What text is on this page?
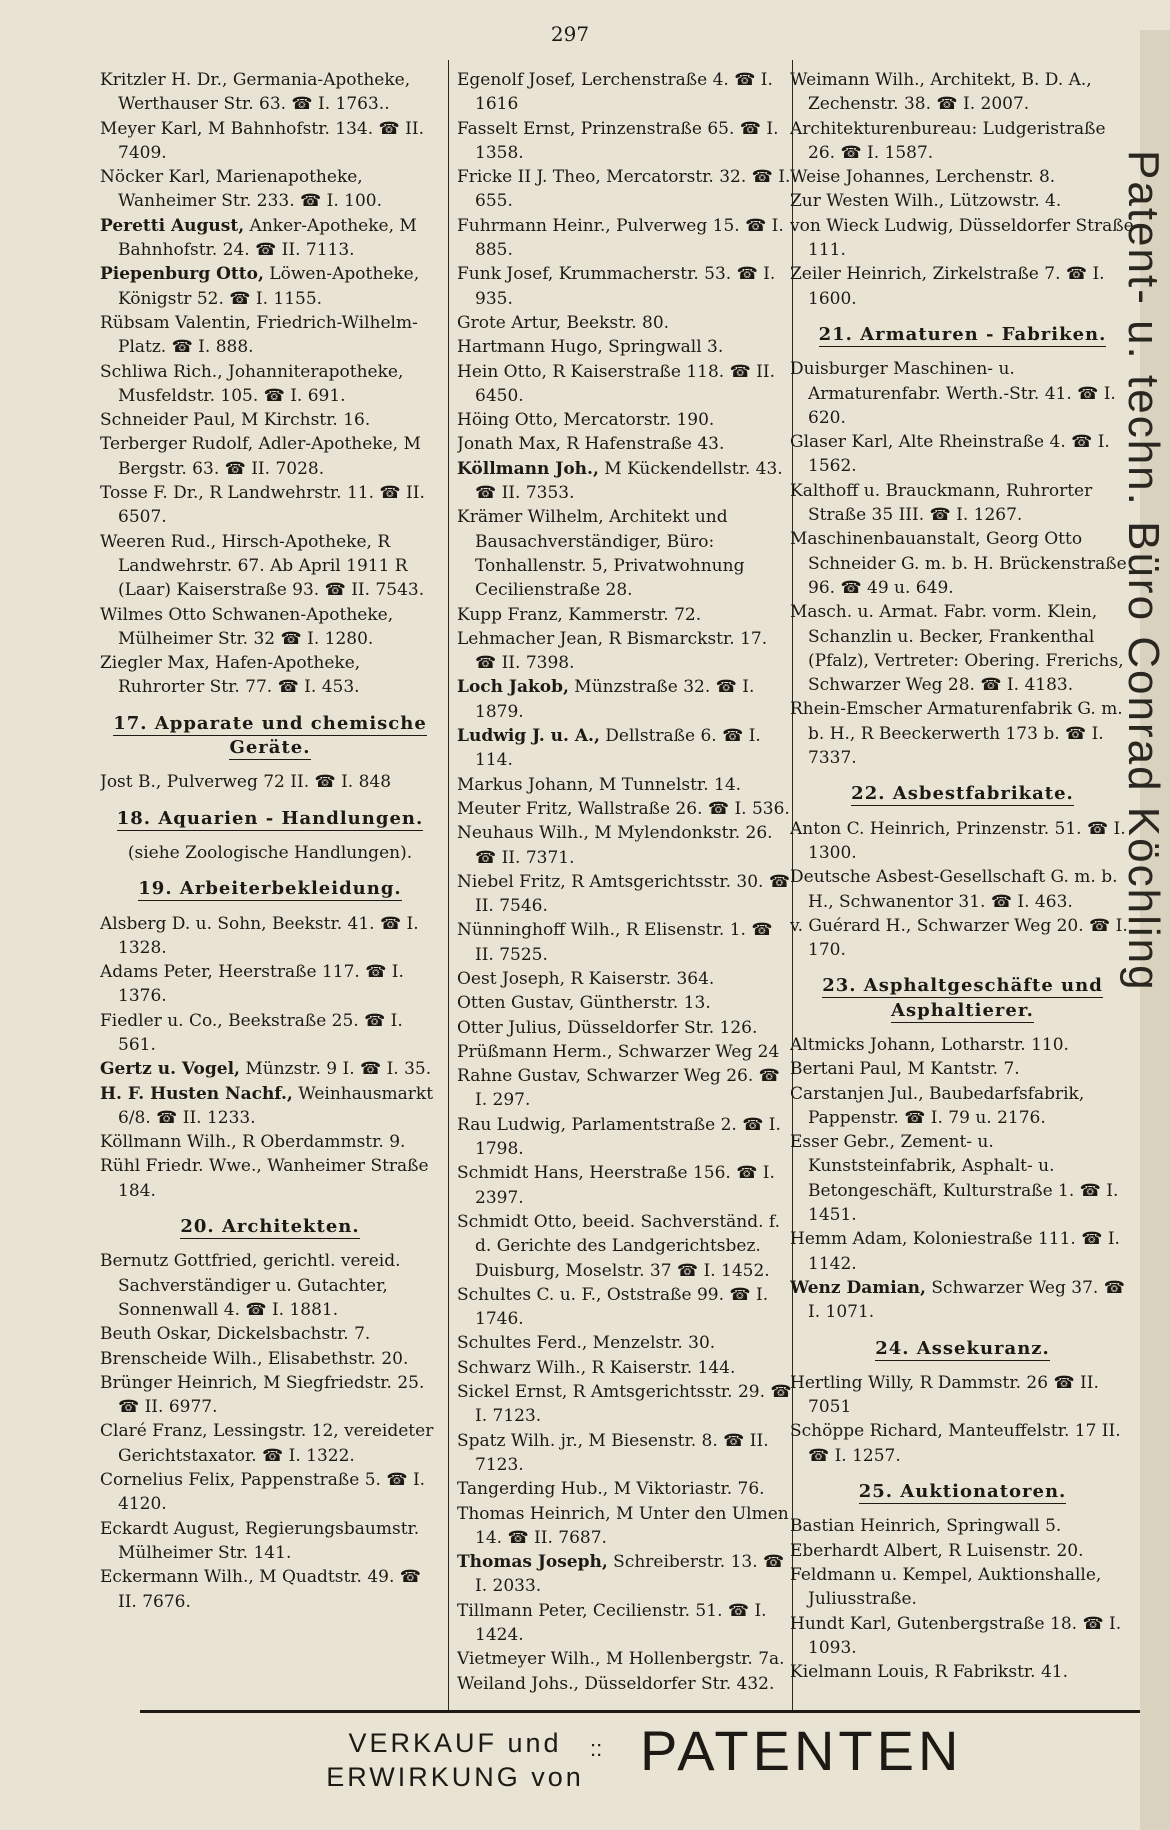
297
Patent- u. techn. Büro Conrad Köchling
Kritzler H. Dr., Germania-Apotheke, Werthauser Str. 63. ☎ I. 1763..
Meyer Karl, M Bahnhofstr. 134. ☎ II. 7409.
Nöcker Karl, Marienapotheke, Wanheimer Str. 233. ☎ I. 100.
Peretti August, Anker-Apotheke, M Bahnhofstr. 24. ☎ II. 7113.
Piepenburg Otto, Löwen-Apotheke, Königstr 52. ☎ I. 1155.
Rübsam Valentin, Friedrich-Wilhelm-Platz. ☎ I. 888.
Schliwa Rich., Johanniterapotheke, Musfeldstr. 105. ☎ I. 691.
Schneider Paul, M Kirchstr. 16.
Terberger Rudolf, Adler-Apotheke, M Bergstr. 63. ☎ II. 7028.
Tosse F. Dr., R Landwehrstr. 11. ☎ II. 6507.
Weeren Rud., Hirsch-Apotheke, R Landwehrstr. 67. Ab April 1911 R (Laar) Kaiserstraße 93. ☎ II. 7543.
Wilmes Otto Schwanen-Apotheke, Mülheimer Str. 32 ☎ I. 1280.
Ziegler Max, Hafen-Apotheke, Ruhrorter Str. 77. ☎ I. 453.
17. Apparate und chemische Geräte.
Jost B., Pulverweg 72 II. ☎ I. 848
18. Aquarien - Handlungen.
(siehe Zoologische Handlungen).
19. Arbeiterbekleidung.
Alsberg D. u. Sohn, Beekstr. 41. ☎ I. 1328.
Adams Peter, Heerstraße 117. ☎ I. 1376.
Fiedler u. Co., Beekstraße 25. ☎ I. 561.
Gertz u. Vogel, Münzstr. 9 I. ☎ I. 35.
H. F. Husten Nachf., Weinhausmarkt 6/8. ☎ II. 1233.
Köllmann Wilh., R Oberdammstr. 9.
Rühl Friedr. Wwe., Wanheimer Straße 184.
20. Architekten.
Bernutz Gottfried, gerichtl. vereid. Sachverständiger u. Gutachter, Sonnenwall 4. ☎ I. 1881.
Beuth Oskar, Dickelsbachstr. 7.
Brenscheide Wilh., Elisabethstr. 20.
Brünger Heinrich, M Siegfriedstr. 25. ☎ II. 6977.
Claré Franz, Lessingstr. 12, vereideter Gerichtstaxator. ☎ I. 1322.
Cornelius Felix, Pappenstraße 5. ☎ I. 4120.
Eckardt August, Regierungsbaumstr. Mülheimer Str. 141.
Eckermann Wilh., M Quadtstr. 49. ☎ II. 7676.
Egenolf Josef, Lerchenstraße 4. ☎ I. 1616
Fasselt Ernst, Prinzenstraße 65. ☎ I. 1358.
Fricke II J. Theo, Mercatorstr. 32. ☎ I. 655.
Fuhrmann Heinr., Pulverweg 15. ☎ I. 885.
Funk Josef, Krummacherstr. 53. ☎ I. 935.
Grote Artur, Beekstr. 80.
Hartmann Hugo, Springwall 3.
Hein Otto, R Kaiserstraße 118. ☎ II. 6450.
Höing Otto, Mercatorstr. 190.
Jonath Max, R Hafenstraße 43.
Köllmann Joh., M Kückendellstr. 43. ☎ II. 7353.
Krämer Wilhelm, Architekt und Bausachverständiger, Büro: Tonhallenstr. 5, Privatwohnung Cecilienstraße 28.
Kupp Franz, Kammerstr. 72.
Lehmacher Jean, R Bismarckstr. 17. ☎ II. 7398.
Loch Jakob, Münzstraße 32. ☎ I. 1879.
Ludwig J. u. A., Dellstraße 6. ☎ I. 114.
Markus Johann, M Tunnelstr. 14.
Meuter Fritz, Wallstraße 26. ☎ I. 536.
Neuhaus Wilh., M Mylendonkstr. 26. ☎ II. 7371.
Niebel Fritz, R Amtsgerichtsstr. 30. ☎ II. 7546.
Nünninghoff Wilh., R Elisenstr. 1. ☎ II. 7525.
Oest Joseph, R Kaiserstr. 364.
Otten Gustav, Güntherstr. 13.
Otter Julius, Düsseldorfer Str. 126.
Prüßmann Herm., Schwarzer Weg 24
Rahne Gustav, Schwarzer Weg 26. ☎ I. 297.
Rau Ludwig, Parlamentstraße 2. ☎ I. 1798.
Schmidt Hans, Heerstraße 156. ☎ I. 2397.
Schmidt Otto, beeid. Sachverständ. f. d. Gerichte des Landgerichtsbez. Duisburg, Moselstr. 37 ☎ I. 1452.
Schultes C. u. F., Oststraße 99. ☎ I. 1746.
Schultes Ferd., Menzelstr. 30.
Schwarz Wilh., R Kaiserstr. 144.
Sickel Ernst, R Amtsgerichtsstr. 29. ☎ I. 7123.
Spatz Wilh. jr., M Biesenstr. 8. ☎ II. 7123.
Tangerding Hub., M Viktoriastr. 76.
Thomas Heinrich, M Unter den Ulmen 14. ☎ II. 7687.
Thomas Joseph, Schreiberstr. 13. ☎ I. 2033.
Tillmann Peter, Cecilienstr. 51. ☎ I. 1424.
Vietmeyer Wilh., M Hollenbergstr. 7a.
Weiland Johs., Düsseldorfer Str. 432.
Weimann Wilh., Architekt, B. D. A., Zechenstr. 38. ☎ I. 2007.
Architekturenbureau: Ludgeristraße 26. ☎ I. 1587.
Weise Johannes, Lerchenstr. 8.
Zur Westen Wilh., Lützowstr. 4.
von Wieck Ludwig, Düsseldorfer Straße 111.
Zeiler Heinrich, Zirkelstraße 7. ☎ I. 1600.
21. Armaturen - Fabriken.
Duisburger Maschinen- u. Armaturenfabr. Werth.-Str. 41. ☎ I. 620.
Glaser Karl, Alte Rheinstraße 4. ☎ I. 1562.
Kalthoff u. Brauckmann, Ruhrorter Straße 35 III. ☎ I. 1267.
Maschinenbauanstalt, Georg Otto Schneider G. m. b. H. Brückenstraße 96. ☎ 49 u. 649.
Masch. u. Armat. Fabr. vorm. Klein, Schanzlin u. Becker, Frankenthal (Pfalz), Vertreter: Obering. Frerichs, Schwarzer Weg 28. ☎ I. 4183.
Rhein-Emscher Armaturenfabrik G. m. b. H., R Beeckerwerth 173 b. ☎ I. 7337.
22. Asbestfabrikate.
Anton C. Heinrich, Prinzenstr. 51. ☎ I. 1300.
Deutsche Asbest-Gesellschaft G. m. b. H., Schwanentor 31. ☎ I. 463.
v. Guérard H., Schwarzer Weg 20. ☎ I. 170.
23. Asphaltgeschäfte und Asphaltierer.
Altmicks Johann, Lotharstr. 110.
Bertani Paul, M Kantstr. 7.
Carstanjen Jul., Baubedarfsfabrik, Pappenstr. ☎ I. 79 u. 2176.
Esser Gebr., Zement- u. Kunststeinfabrik, Asphalt- u. Betongeschäft, Kulturstraße 1. ☎ I. 1451.
Hemm Adam, Koloniestraße 111. ☎ I. 1142.
Wenz Damian, Schwarzer Weg 37. ☎ I. 1071.
24. Assekuranz.
Hertling Willy, R Dammstr. 26 ☎ II. 7051
Schöppe Richard, Manteuffelstr. 17 II. ☎ I. 1257.
25. Auktionatoren.
Bastian Heinrich, Springwall 5.
Eberhardt Albert, R Luisenstr. 20.
Feldmann u. Kempel, Auktionshalle, Juliusstraße.
Hundt Karl, Gutenbergstraße 18. ☎ I. 1093.
Kielmann Louis, R Fabrikstr. 41.
VERKAUF und
ERWIRKUNG von
:: PATENTEN
